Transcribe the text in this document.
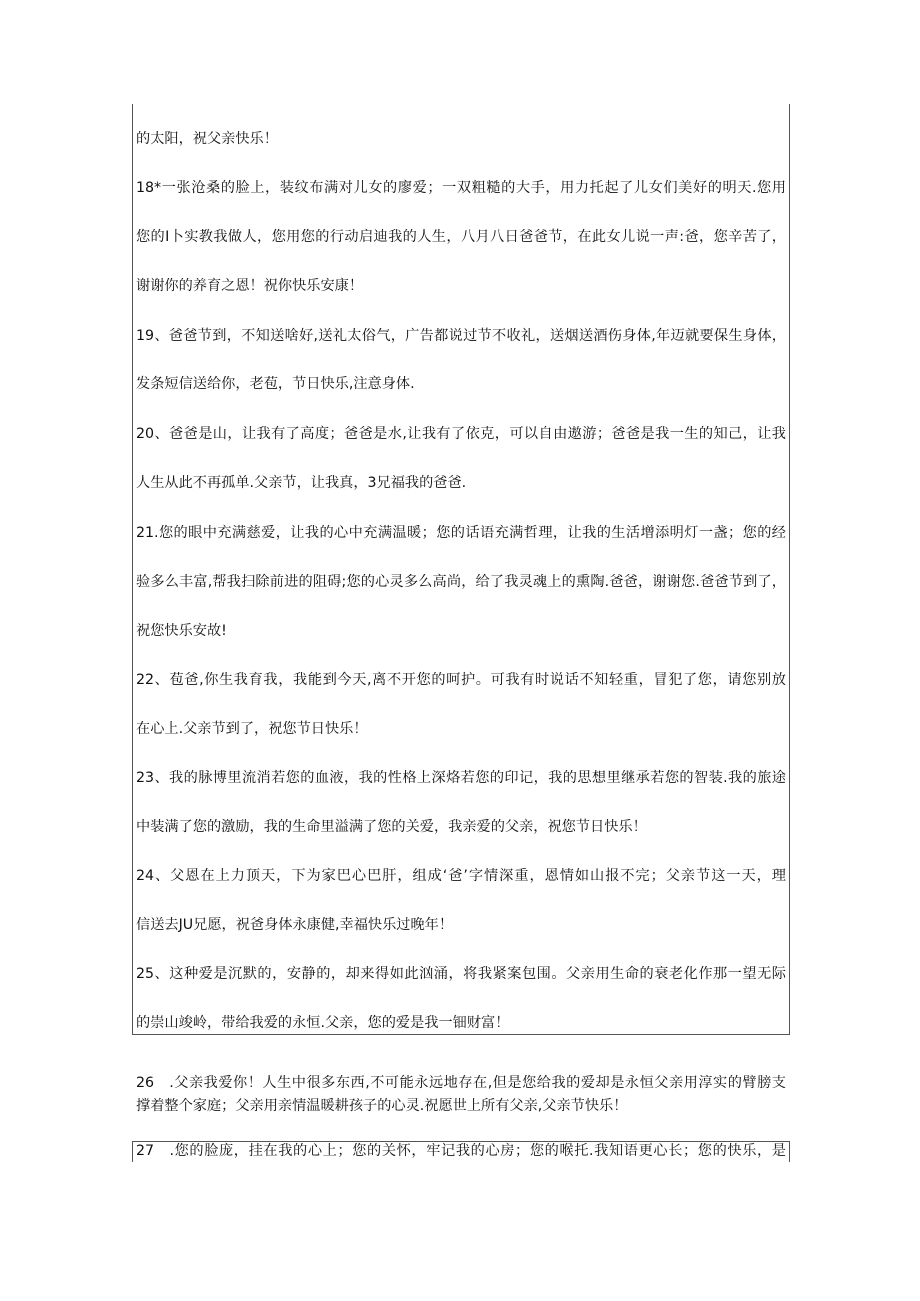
的太阳，祝父亲快乐！
18*一张沧桑的脸上，装纹布满对儿女的廖爱；一双粗糙的大手，用力托起了儿女们美好的明天.您用
您的I卜实教我做人，您用您的行动启迪我的人生，八月八日爸爸节，在此女儿说一声:爸，您辛苦了，
谢谢你的养育之恩！祝你快乐安康！
19、爸爸节到，不知送啥好,送礼太俗气，广告都说过节不收礼，送烟送酒伤身体,年迈就要保生身体，
发条短信送给你，老苞，节日快乐,注意身体.
20、爸爸是山，让我有了高度；爸爸是水,让我有了依克，可以自由遨游；爸爸是我一生的知己，让我
人生从此不再孤单.父亲节，让我真，3兄福我的爸爸.
21.您的眼中充满慈爱，让我的心中充满温暖；您的话语充满哲理，让我的生活增添明灯一盏；您的经
验多么丰富,帮我扫除前进的阻碍;您的心灵多么高尚，给了我灵魂上的熏陶.爸爸，谢谢您.爸爸节到了，
祝您快乐安故!
22、苞爸,你生我育我，我能到今天,离不开您的呵护。可我有时说话不知轻重，冒犯了您，请您别放
在心上.父亲节到了，祝您节日快乐！
23、我的脉博里流消若您的血液，我的性格上深烙若您的印记，我的思想里继承若您的智装.我的旅途
中装满了您的激励，我的生命里溢满了您的关爱，我亲爱的父亲，祝您节日快乐！
24、父恩在上力顶天，下为家巴心巴肝，组成‘爸’字情深重，恩情如山报不完；父亲节这一天，理
信送去JU兄愿，祝爸身体永康健,幸福快乐过晚年！
25、这种爱是沉默的，安静的，却来得如此汹涌，将我紧案包围。父亲用生命的衰老化作那一望无际
的崇山竣岭，带给我爱的永恒.父亲，您的爱是我一钿财富！
26　.父亲我爱你！人生中很多东西,不可能永远地存在,但是您给我的爱却是永恒父亲用淳实的臂膀支
撑着整个家庭；父亲用亲情温暖耕孩子的心灵.祝愿世上所有父亲,父亲节快乐！
27　.您的脸庞，挂在我的心上；您的关怀，牢记我的心房；您的喉托.我知语更心长；您的快乐，是
